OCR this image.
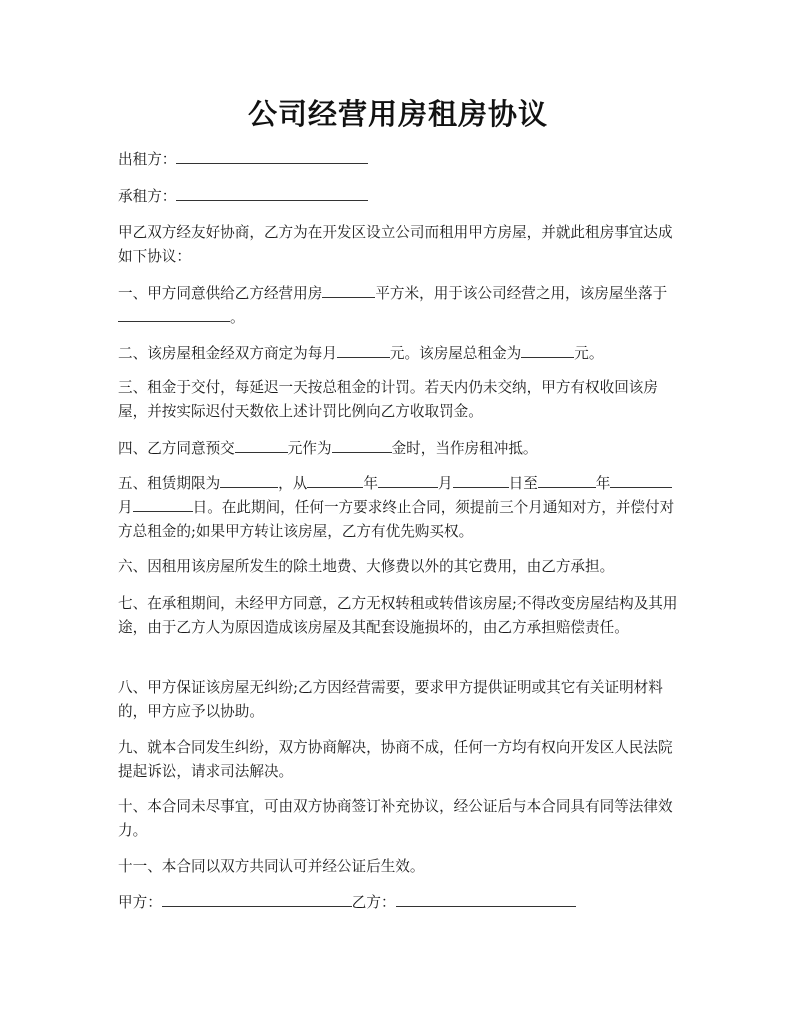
公司经营用房租房协议

出租方：

承租方：

甲乙双方经友好协商，乙方为在开发区设立公司而租用甲方房屋，并就此租房事宜达成如下协议：

一、甲方同意供给乙方经营用房	平方米，用于该公司经营之用，该房屋坐落于。

二、该房屋租金经双方商定为每月	元。该房屋总租金为	元。

三、租金于交付，每延迟一天按总租金的计罚。若天内仍未交纳，甲方有权收回该房屋，并按实际迟付天数依上述计罚比例向乙方收取罚金。

四、乙方同意预交	元作为	金时，当作房租冲抵。

五、租赁期限为	，从	年	月	日至	年月	日。在此期间，任何一方要求终止合同，须提前三个月通知对方，并偿付对方总租金的;如果甲方转让该房屋，乙方有优先购买权。

六、因租用该房屋所发生的除土地费、大修费以外的其它费用，由乙方承担。

七、在承租期间，未经甲方同意，乙方无权转租或转借该房屋;不得改变房屋结构及其用途，由于乙方人为原因造成该房屋及其配套设施损坏的，由乙方承担赔偿责任。

八、甲方保证该房屋无纠纷;乙方因经营需要，要求甲方提供证明或其它有关证明材料的，甲方应予以协助。

九、就本合同发生纠纷，双方协商解决，协商不成，任何一方均有权向开发区人民法院提起诉讼，请求司法解决。

十、本合同未尽事宜，可由双方协商签订补充协议，经公证后与本合同具有同等法律效力。

十一、本合同以双方共同认可并经公证后生效。

甲方：	乙方：
